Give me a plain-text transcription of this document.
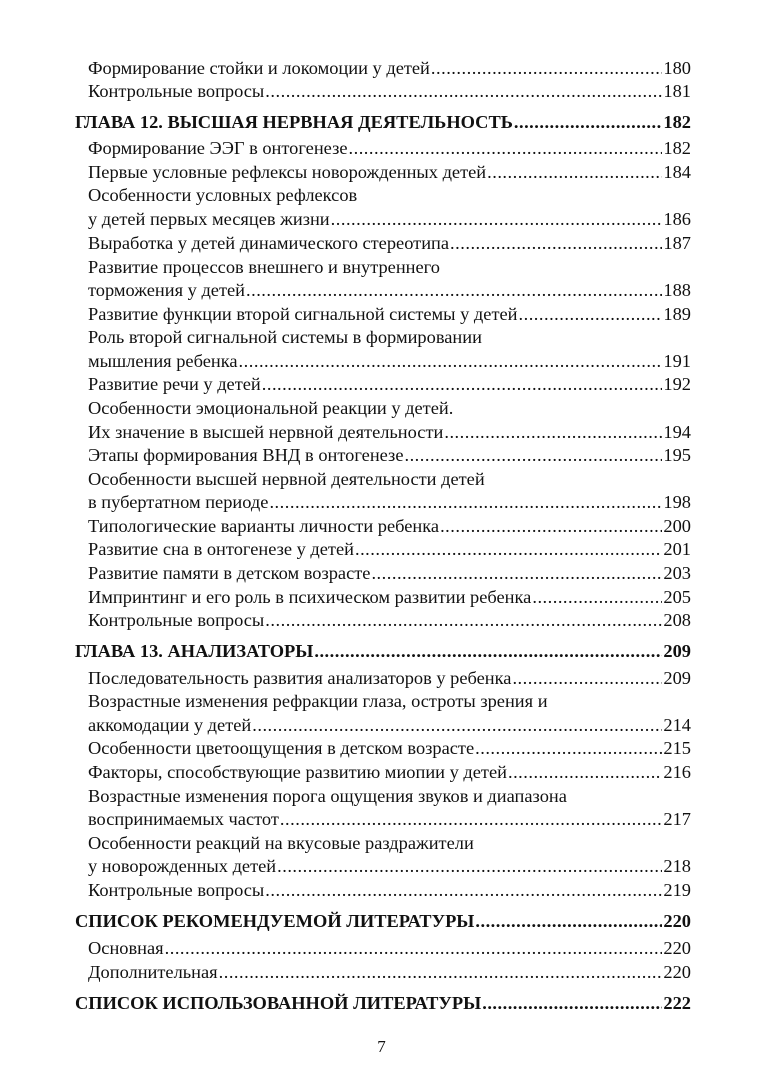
Формирование стойки и локомоции у детей .....	180
Контрольные вопросы .....	181
ГЛАВА 12. ВЫСШАЯ НЕРВНАЯ ДЕЯТЕЛЬНОСТЬ .....	182
Формирование ЭЭГ в онтогенезе .....	182
Первые условные рефлексы новорожденных детей .....	184
Особенности условных рефлексов
у детей первых месяцев жизни .....	186
Выработка у детей динамического стереотипа .....	187
Развитие процессов внешнего и внутреннего
торможения у детей .....	188
Развитие функции второй сигнальной системы у детей .....	189
Роль второй сигнальной системы в формировании
мышления ребенка .....	191
Развитие речи у детей .....	192
Особенности эмоциональной реакции у детей.
Их значение в высшей нервной деятельности .....	194
Этапы формирования ВНД в онтогенезе .....	195
Особенности высшей нервной деятельности детей
в пубертатном периоде .....	198
Типологические варианты личности ребенка .....	200
Развитие сна в онтогенезе у детей .....	201
Развитие памяти в детском возрасте .....	203
Импринтинг и его роль в психическом развитии ребенка .....	205
Контрольные вопросы .....	208
ГЛАВА 13. АНАЛИЗАТОРЫ .....	209
Последовательность развития анализаторов у ребенка .....	209
Возрастные изменения рефракции глаза, остроты зрения и
аккомодации у детей .....	214
Особенности цветоощущения в детском возрасте .....	215
Факторы, способствующие развитию миопии у детей .....	216
Возрастные изменения порога ощущения звуков и диапазона
воспринимаемых частот .....	217
Особенности реакций на вкусовые раздражители
у новорожденных детей .....	218
Контрольные вопросы .....	219
СПИСОК РЕКОМЕНДУЕМОЙ ЛИТЕРАТУРЫ .....	220
Основная .....	220
Дополнительная .....	220
СПИСОК ИСПОЛЬЗОВАННОЙ ЛИТЕРАТУРЫ .....	222
7
